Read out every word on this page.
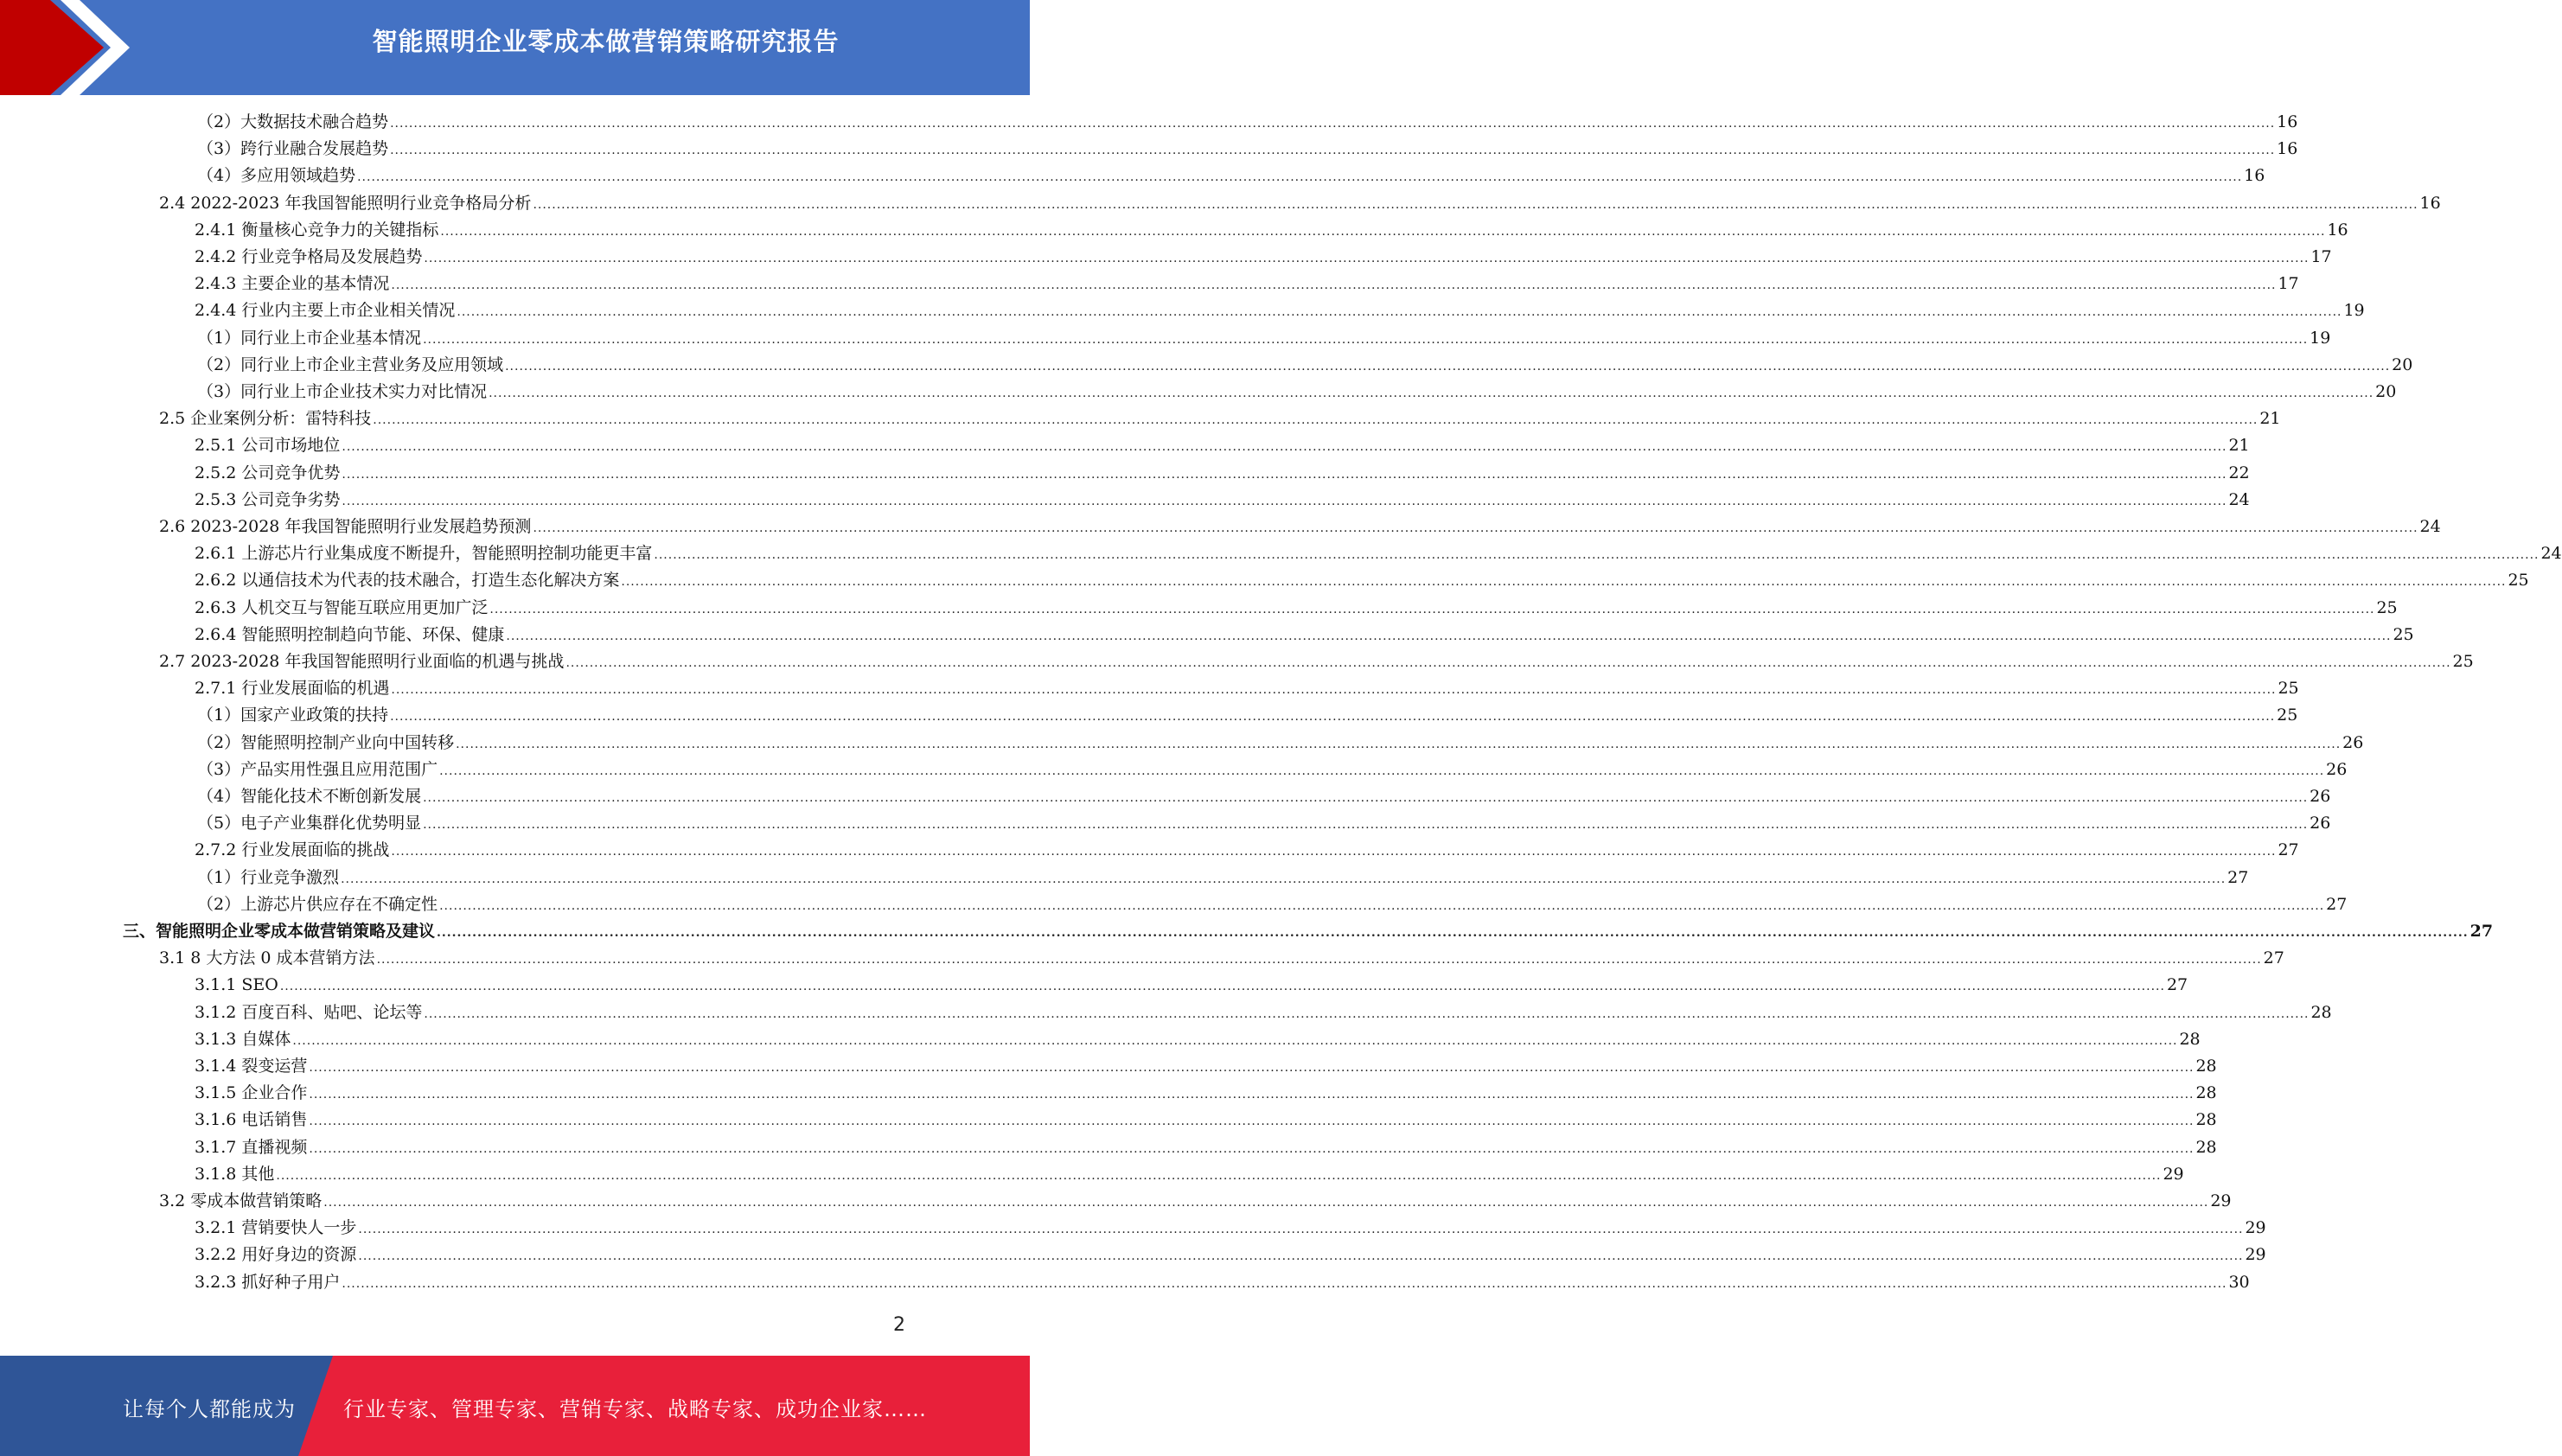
智能照明企业零成本做营销策略研究报告
（2）大数据技术融合趋势 ................................................................................................................................................................................................................................................................................................................................................................................................................ 16
（3）跨行业融合发展趋势 ................................................................................................................................................................................................................................................................................................................................................................................................................ 16
（4）多应用领域趋势 ................................................................................................................................................................................................................................................................................................................................................................................................................ 16
2.4 2022-2023 年我国智能照明行业竞争格局分析 ................................................................................................................................................................................................................................................................................................................................................................................................................ 16
2.4.1 衡量核心竞争力的关键指标 ................................................................................................................................................................................................................................................................................................................................................................................................................ 16
2.4.2 行业竞争格局及发展趋势 ................................................................................................................................................................................................................................................................................................................................................................................................................ 17
2.4.3 主要企业的基本情况 ................................................................................................................................................................................................................................................................................................................................................................................................................ 17
2.4.4 行业内主要上市企业相关情况 ................................................................................................................................................................................................................................................................................................................................................................................................................ 19
（1）同行业上市企业基本情况 ................................................................................................................................................................................................................................................................................................................................................................................................................ 19
（2）同行业上市企业主营业务及应用领域 ................................................................................................................................................................................................................................................................................................................................................................................................................ 20
（3）同行业上市企业技术实力对比情况 ................................................................................................................................................................................................................................................................................................................................................................................................................ 20
2.5 企业案例分析：雷特科技 ................................................................................................................................................................................................................................................................................................................................................................................................................ 21
2.5.1 公司市场地位 ................................................................................................................................................................................................................................................................................................................................................................................................................ 21
2.5.2 公司竞争优势 ................................................................................................................................................................................................................................................................................................................................................................................................................ 22
2.5.3 公司竞争劣势 ................................................................................................................................................................................................................................................................................................................................................................................................................ 24
2.6 2023-2028 年我国智能照明行业发展趋势预测 ................................................................................................................................................................................................................................................................................................................................................................................................................ 24
2.6.1 上游芯片行业集成度不断提升，智能照明控制功能更丰富 ................................................................................................................................................................................................................................................................................................................................................................................................................ 24
2.6.2 以通信技术为代表的技术融合，打造生态化解决方案 ................................................................................................................................................................................................................................................................................................................................................................................................................ 25
2.6.3 人机交互与智能互联应用更加广泛 ................................................................................................................................................................................................................................................................................................................................................................................................................ 25
2.6.4 智能照明控制趋向节能、环保、健康 ................................................................................................................................................................................................................................................................................................................................................................................................................ 25
2.7 2023-2028 年我国智能照明行业面临的机遇与挑战 ................................................................................................................................................................................................................................................................................................................................................................................................................ 25
2.7.1 行业发展面临的机遇 ................................................................................................................................................................................................................................................................................................................................................................................................................ 25
（1）国家产业政策的扶持 ................................................................................................................................................................................................................................................................................................................................................................................................................ 25
（2）智能照明控制产业向中国转移 ................................................................................................................................................................................................................................................................................................................................................................................................................ 26
（3）产品实用性强且应用范围广 ................................................................................................................................................................................................................................................................................................................................................................................................................ 26
（4）智能化技术不断创新发展 ................................................................................................................................................................................................................................................................................................................................................................................................................ 26
（5）电子产业集群化优势明显 ................................................................................................................................................................................................................................................................................................................................................................................................................ 26
2.7.2 行业发展面临的挑战 ................................................................................................................................................................................................................................................................................................................................................................................................................ 27
（1）行业竞争激烈 ................................................................................................................................................................................................................................................................................................................................................................................................................ 27
（2）上游芯片供应存在不确定性 ................................................................................................................................................................................................................................................................................................................................................................................................................ 27
三、智能照明企业零成本做营销策略及建议 ................................................................................................................................................................................................................................................................................................................................................................................................................ 27
3.1 8 大方法 0 成本营销方法 ................................................................................................................................................................................................................................................................................................................................................................................................................ 27
3.1.1 SEO ................................................................................................................................................................................................................................................................................................................................................................................................................ 27
3.1.2 百度百科、贴吧、论坛等 ................................................................................................................................................................................................................................................................................................................................................................................................................ 28
3.1.3 自媒体 ................................................................................................................................................................................................................................................................................................................................................................................................................ 28
3.1.4 裂变运营 ................................................................................................................................................................................................................................................................................................................................................................................................................ 28
3.1.5 企业合作 ................................................................................................................................................................................................................................................................................................................................................................................................................ 28
3.1.6 电话销售 ................................................................................................................................................................................................................................................................................................................................................................................................................ 28
3.1.7 直播视频 ................................................................................................................................................................................................................................................................................................................................................................................................................ 28
3.1.8 其他 ................................................................................................................................................................................................................................................................................................................................................................................................................ 29
3.2 零成本做营销策略 ................................................................................................................................................................................................................................................................................................................................................................................................................ 29
3.2.1 营销要快人一步 ................................................................................................................................................................................................................................................................................................................................................................................................................ 29
3.2.2 用好身边的资源 ................................................................................................................................................................................................................................................................................................................................................................................................................ 29
3.2.3 抓好种子用户 ................................................................................................................................................................................................................................................................................................................................................................................................................ 30
2
让每个人都能成为 行业专家、管理专家、营销专家、战略专家、成功企业家……
